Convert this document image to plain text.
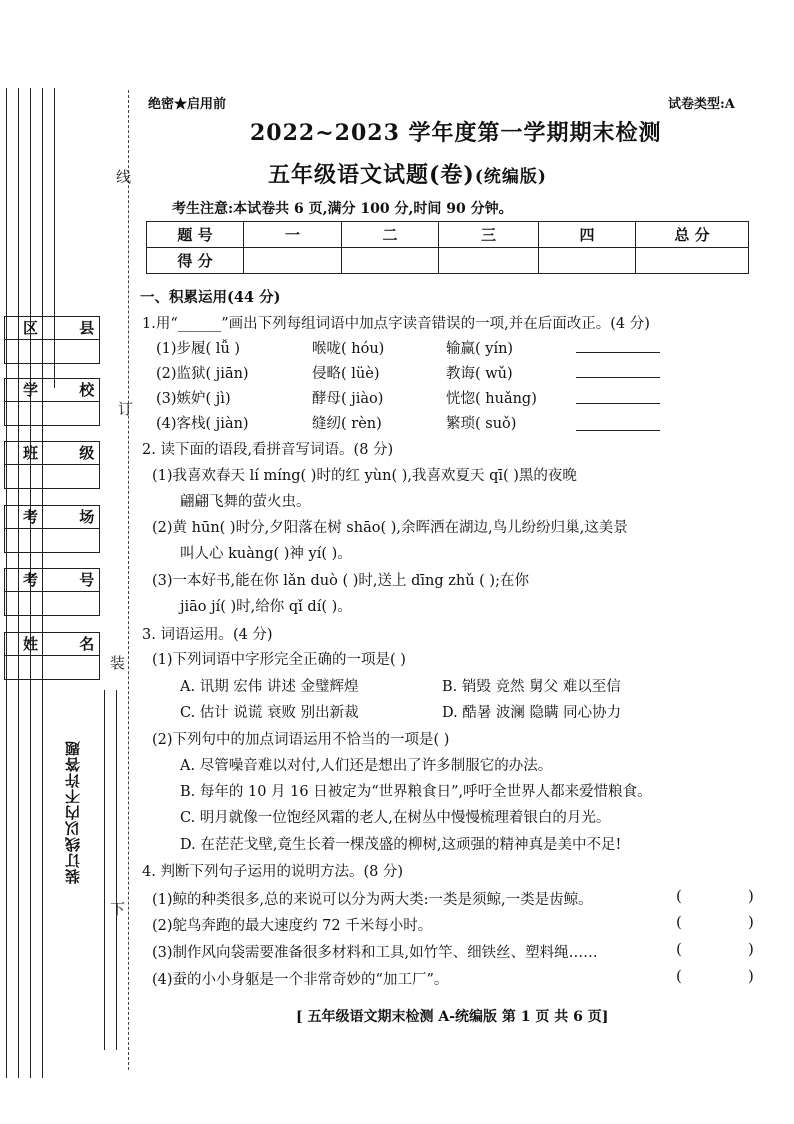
线
订
装
下
区 县
学 校
班 级
考 场
考 号
姓 名
装订线以内不许答题
绝密★启用前	试卷类型:A
2022~2023 学年度第一学期期末检测
五年级语文试题(卷)(统编版)
考生注意:本试卷共 6 页,满分 100 分,时间 90 分钟。
题 号	一	二	三	四	总 分
得 分					
一、积累运用(44 分)
1.用“______”画出下列每组词语中加点字读音错误的一项,并在后面改正。(4 分)
(1)步履( lǚ )	喉咙( hóu)	输赢( yín)
(2)监狱( jiān)	侵略( lüè)	教诲( wǔ)
(3)嫉妒( jì)	酵母( jiào)	恍惚( huǎng)
(4)客栈( jiàn)	缝纫( rèn)	繁琐( suǒ)
2. 读下面的语段,看拼音写词语。(8 分)
(1)我喜欢春天 lí míng( )时的红 yùn( ),我喜欢夏天 qī( )黑的夜晚
翩翩飞舞的萤火虫。
(2)黄 hūn( )时分,夕阳落在树 shāo( ),余晖洒在湖边,鸟儿纷纷归巢,这美景
叫人心 kuàng( )神 yí( )。
(3)一本好书,能在你 lǎn duò ( )时,送上 dīng zhǔ ( );在你
jiāo jí( )时,给你 qǐ dí( )。
3. 词语运用。(4 分)
(1)下列词语中字形完全正确的一项是( )
A. 讯期 宏伟 讲述 金璧辉煌	B. 销毁 竞然 舅父 难以至信
C. 估计 说谎 衰败 别出新裁	D. 酷暑 波澜 隐瞒 同心协力
(2)下列句中的加点词语运用不恰当的一项是( )
A. 尽管噪音难以对付,人们还是想出了许多制服它的办法。
B. 每年的 10 月 16 日被定为“世界粮食日”,呼吁全世界人都来爱惜粮食。
C. 明月就像一位饱经风霜的老人,在树丛中慢慢梳理着银白的月光。
D. 在茫茫戈壁,竟生长着一棵茂盛的柳树,这顽强的精神真是美中不足!
4. 判断下列句子运用的说明方法。(8 分)
(1)鲸的种类很多,总的来说可以分为两大类:一类是须鲸,一类是齿鲸。	(	)
(2)鸵鸟奔跑的最大速度约 72 千米每小时。	(	)
(3)制作风向袋需要准备很多材料和工具,如竹竿、细铁丝、塑料绳……	(	)
(4)蚕的小小身躯是一个非常奇妙的“加工厂”。	(	)
[ 五年级语文期末检测 A-统编版 第 1 页 共 6 页]
